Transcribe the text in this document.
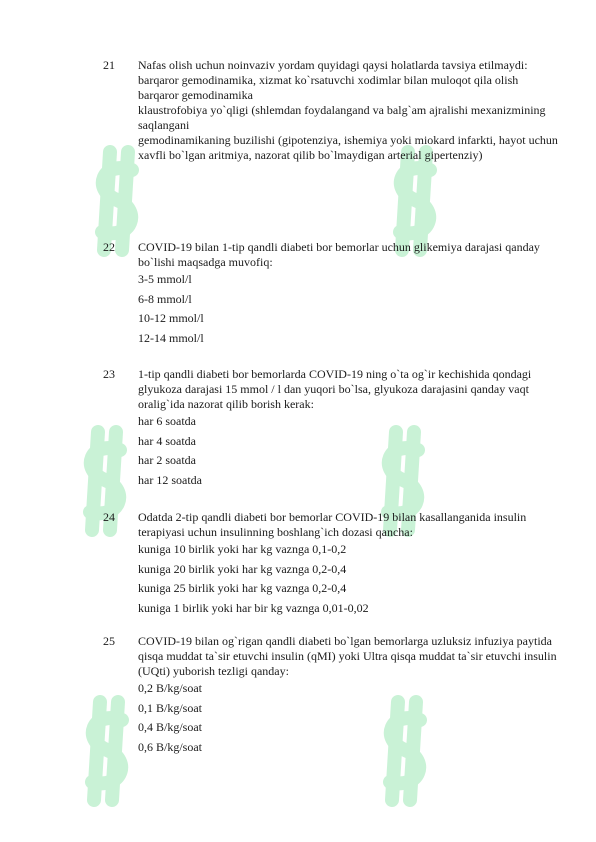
21 Nafas olish uchun noinvaziv yordam quyidagi qaysi holatlarda tavsiya etilmaydi:

barqaror gemodinamika, xizmat ko`rsatuvchi xodimlar bilan muloqot qila olish
barqaror gemodinamika
klaustrofobiya yo`qligi (shlemdan foydalangand va balg`am ajralishi mexanizmining saqlangani
gemodinamikaning buzilishi (gipotenziya, ishemiya yoki miokard infarkti, hayot uchun xavfli bo`lgan aritmiya, nazorat qilib bo`lmaydigan arterial gipertenziy)
22 COVID-19 bilan 1-tip qandli diabeti bor bemorlar uchun glikemiya darajasi qanday bo`lishi maqsadga muvofiq:

3-5 mmol/l
6-8 mmol/l
10-12 mmol/l
12-14 mmol/l
23 1-tip qandli diabeti bor bemorlarda COVID-19 ning o`ta og`ir kechishida qondagi glyukoza darajasi 15 mmol / l dan yuqori bo`lsa, glyukoza darajasini qanday vaqt oralig`ida nazorat qilib borish kerak:

har 6 soatda
har 4 soatda
har 2 soatda
har 12 soatda
24 Odatda 2-tip qandli diabeti bor bemorlar COVID-19 bilan kasallanganida insulin terapiyasi uchun insulinning boshlang`ich dozasi qancha:

kuniga 10 birlik yoki har kg vaznga 0,1-0,2
kuniga 20 birlik yoki har kg vaznga 0,2-0,4
kuniga 25 birlik yoki har kg vaznga 0,2-0,4
kuniga 1 birlik yoki har bir kg vaznga 0,01-0,02
25 COVID-19 bilan og`rigan qandli diabeti bo`lgan bemorlarga uzluksiz infuziya paytida qisqa muddat ta`sir etuvchi insulin (qMI) yoki Ultra qisqa muddat ta`sir etuvchi insulin (UQti) yuborish tezligi qanday:

0,2 B/kg/soat
0,1 B/kg/soat
0,4 B/kg/soat
0,6 B/kg/soat
